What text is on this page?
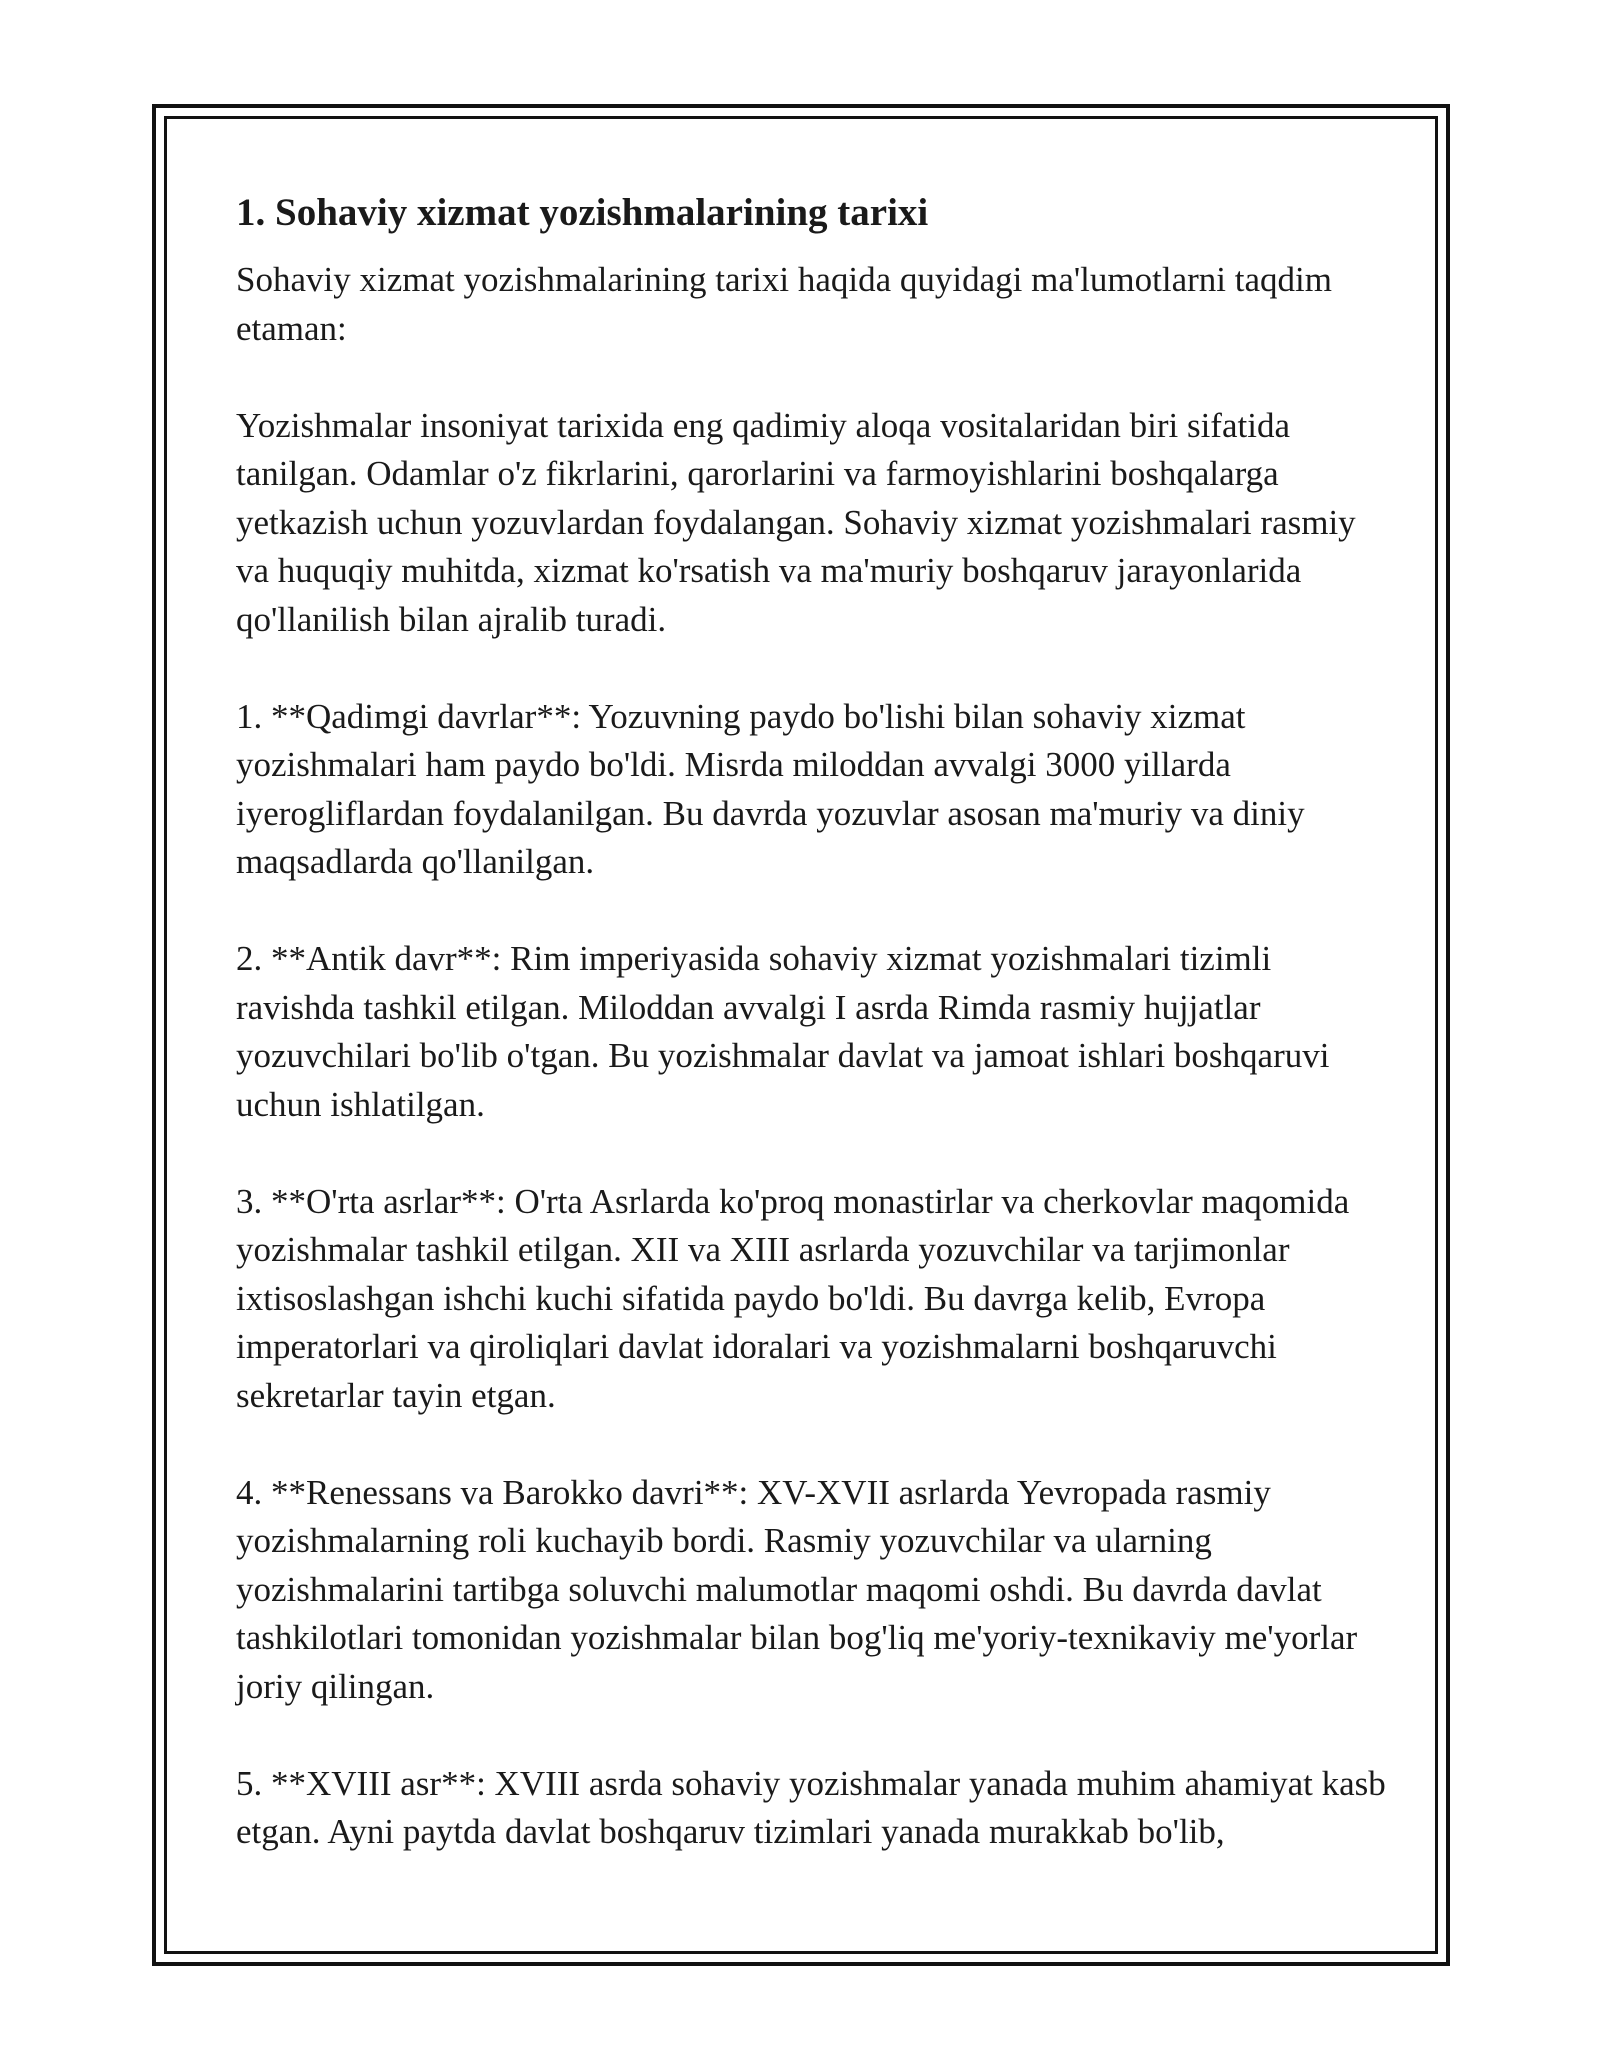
1. Sohaviy xizmat yozishmalarining tarixi

Sohaviy xizmat yozishmalarining tarixi haqida quyidagi ma'lumotlarni taqdim etaman:

Yozishmalar insoniyat tarixida eng qadimiy aloqa vositalaridan biri sifatida tanilgan. Odamlar o'z fikrlarini, qarorlarini va farmoyishlarini boshqalarga yetkazish uchun yozuvlardan foydalangan. Sohaviy xizmat yozishmalari rasmiy va huquqiy muhitda, xizmat ko'rsatish va ma'muriy boshqaruv jarayonlarida qo'llanilish bilan ajralib turadi.

1. **Qadimgi davrlar**: Yozuvning paydo bo'lishi bilan sohaviy xizmat yozishmalari ham paydo bo'ldi. Misrda miloddan avvalgi 3000 yillarda iyerogliflardan foydalanilgan. Bu davrda yozuvlar asosan ma'muriy va diniy maqsadlarda qo'llanilgan.

2. **Antik davr**: Rim imperiyasida sohaviy xizmat yozishmalari tizimli ravishda tashkil etilgan. Miloddan avvalgi I asrda Rimda rasmiy hujjatlar yozuvchilari bo'lib o'tgan. Bu yozishmalar davlat va jamoat ishlari boshqaruvi uchun ishlatilgan.

3. **O'rta asrlar**: O'rta Asrlarda ko'proq monastirlar va cherkovlar maqomida yozishmalar tashkil etilgan. XII va XIII asrlarda yozuvchilar va tarjimonlar ixtisoslashgan ishchi kuchi sifatida paydo bo'ldi. Bu davrga kelib, Evropa imperatorlari va qiroliqlari davlat idoralari va yozishmalarni boshqaruvchi sekretarlar tayin etgan.

4. **Renessans va Barokko davri**: XV-XVII asrlarda Yevropada rasmiy yozishmalarning roli kuchayib bordi. Rasmiy yozuvchilar va ularning yozishmalarini tartibga soluvchi malumotlar maqomi oshdi. Bu davrda davlat tashkilotlari tomonidan yozishmalar bilan bog'liq me'yoriy-texnikaviy me'yorlar joriy qilingan.

5. **XVIII asr**: XVIII asrda sohaviy yozishmalar yanada muhim ahamiyat kasb etgan. Ayni paytda davlat boshqaruv tizimlari yanada murakkab bo'lib,
